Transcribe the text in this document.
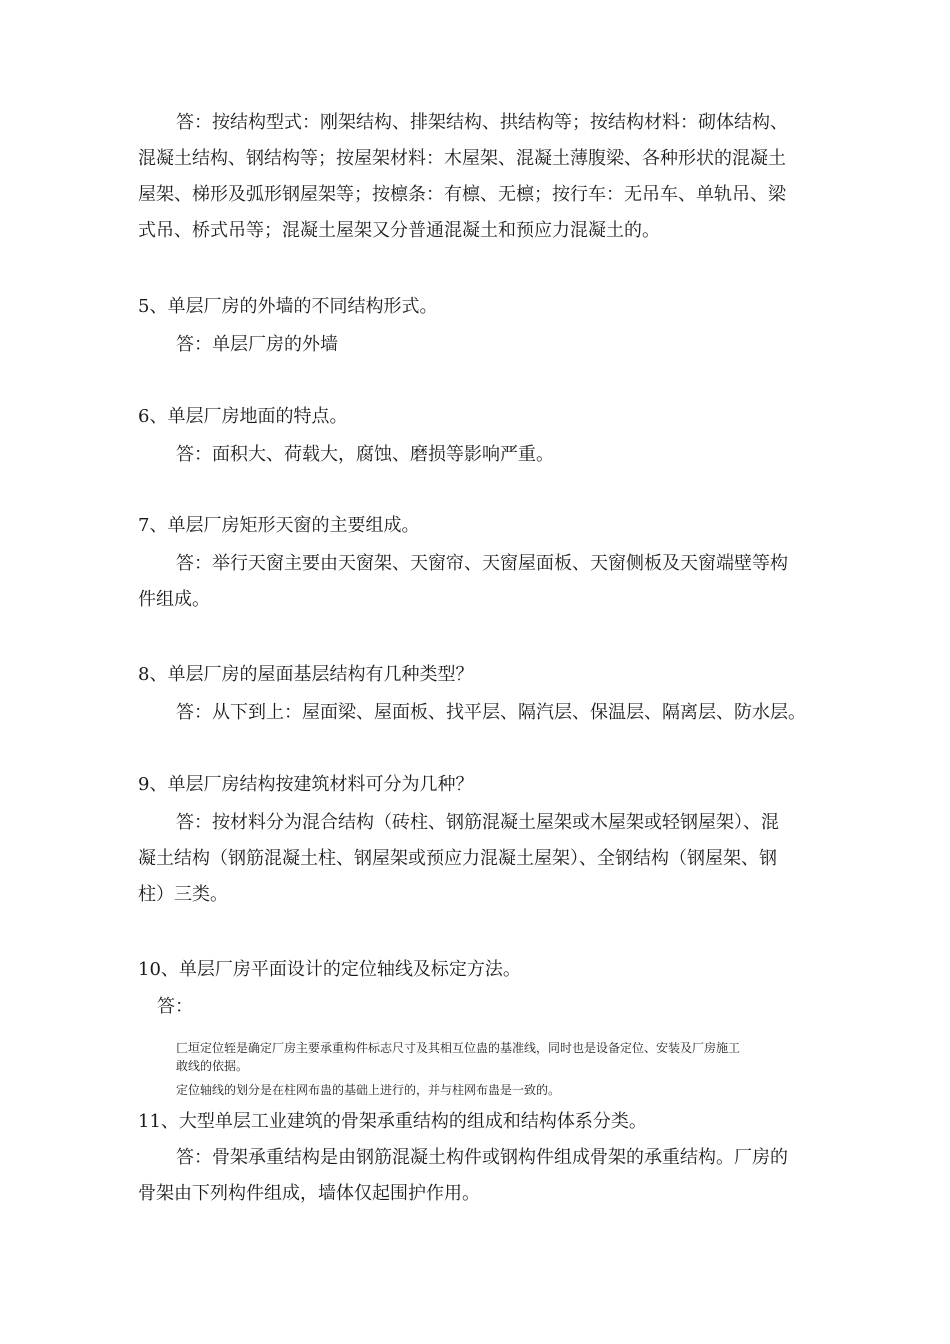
答：按结构型式：刚架结构、排架结构、拱结构等；按结构材料：砌体结构、
混凝土结构、钢结构等；按屋架材料：木屋架、混凝土薄腹梁、各种形状的混凝土
屋架、梯形及弧形钢屋架等；按檩条：有檩、无檩；按行车：无吊车、单轨吊、梁
式吊、桥式吊等；混凝土屋架又分普通混凝土和预应力混凝土的。
5、单层厂房的外墙的不同结构形式。
答：单层厂房的外墙
6、单层厂房地面的特点。
答：面积大、荷载大，腐蚀、磨损等影响严重。
7、单层厂房矩形天窗的主要组成。
答：举行天窗主要由天窗架、天窗帘、天窗屋面板、天窗侧板及天窗端壁等构
件组成。
8、单层厂房的屋面基层结构有几种类型？
答：从下到上：屋面梁、屋面板、找平层、隔汽层、保温层、隔离层、防水层。
9、单层厂房结构按建筑材料可分为几种？
答：按材料分为混合结构（砖柱、钢筋混凝土屋架或木屋架或轻钢屋架）、混
凝土结构（钢筋混凝土柱、钢屋架或预应力混凝土屋架）、全钢结构（钢屋架、钢
柱）三类。
10、单层厂房平面设计的定位轴线及标定方法。
答：
匚垣定位轾是确定厂房主要承重构件标志尺寸及其相互位蛊的基准线，同时也是设备定位、安装及厂房施工
敢线的依据。
定位轴线的划分是在柱网布蛊的基础上进行的，并与柱网布蛊是一致的。
11、大型单层工业建筑的骨架承重结构的组成和结构体系分类。
答：骨架承重结构是由钢筋混凝土构件或钢构件组成骨架的承重结构。厂房的
骨架由下列构件组成，墙体仅起围护作用。
